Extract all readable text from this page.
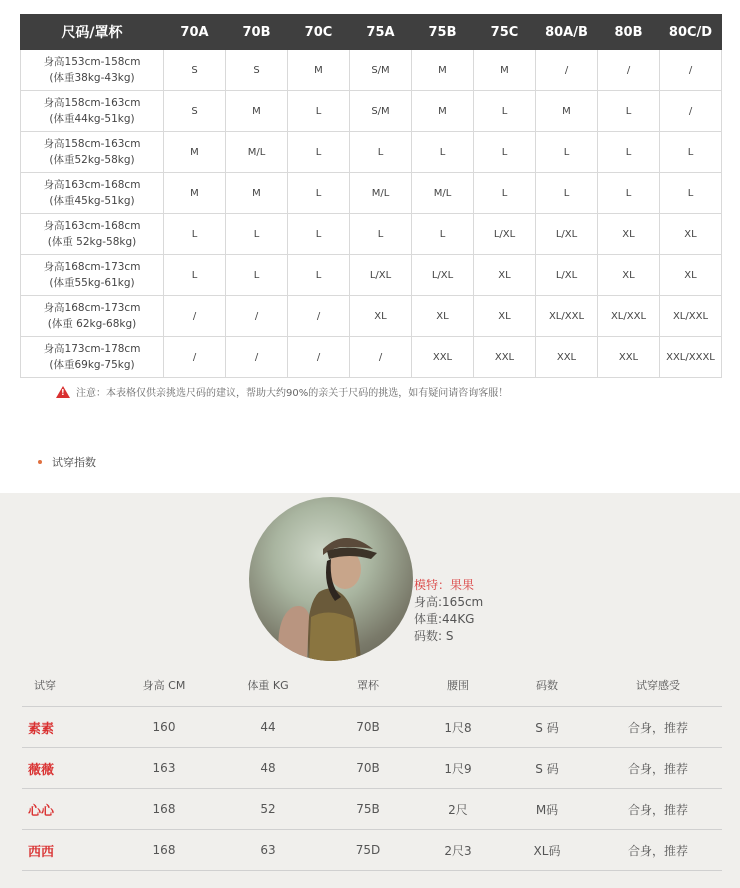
尺码/罩杯	70A	70B	70C	75A	75B	75C	80A/B	80B	80C/D

身高153cm-158cm
(体重38kg-43kg)	S	S	M	S/M	M	M	/	/	/

身高158cm-163cm
(体重44kg-51kg)	S	M	L	S/M	M	L	M	L	/

身高158cm-163cm
(体重52kg-58kg)	M	M/L	L	L	L	L	L	L	L

身高163cm-168cm
(体重45kg-51kg)	M	M	L	M/L	M/L	L	L	L	L

身高163cm-168cm
(体重 52kg-58kg)	L	L	L	L	L	L/XL	L/XL	XL	XL

身高168cm-173cm
(体重55kg-61kg)	L	L	L	L/XL	L/XL	XL	L/XL	XL	XL

身高168cm-173cm
(体重 62kg-68kg)	/	/	/	XL	XL	XL	XL/XXL	XL/XXL	XL/XXL

身高173cm-178cm
(体重69kg-75kg)	/	/	/	/	XXL	XXL	XXL	XXL	XXL/XXXL
! 注意：本表格仅供亲挑选尺码的建议，帮助大约90%的亲关于尺码的挑选，如有疑问请咨询客服！
试穿指数
模特：果果
身高:165cm
体重:44KG
码数: S
试穿	身高 CM	体重 KG	罩杯	腰围	码数	试穿感受
素素	160	44	70B	1尺8	S 码	合身，推荐
薇薇	163	48	70B	1尺9	S 码	合身，推荐
心心	168	52	75B	2尺	M码	合身，推荐
西西	168	63	75D	2尺3	XL码	合身，推荐
